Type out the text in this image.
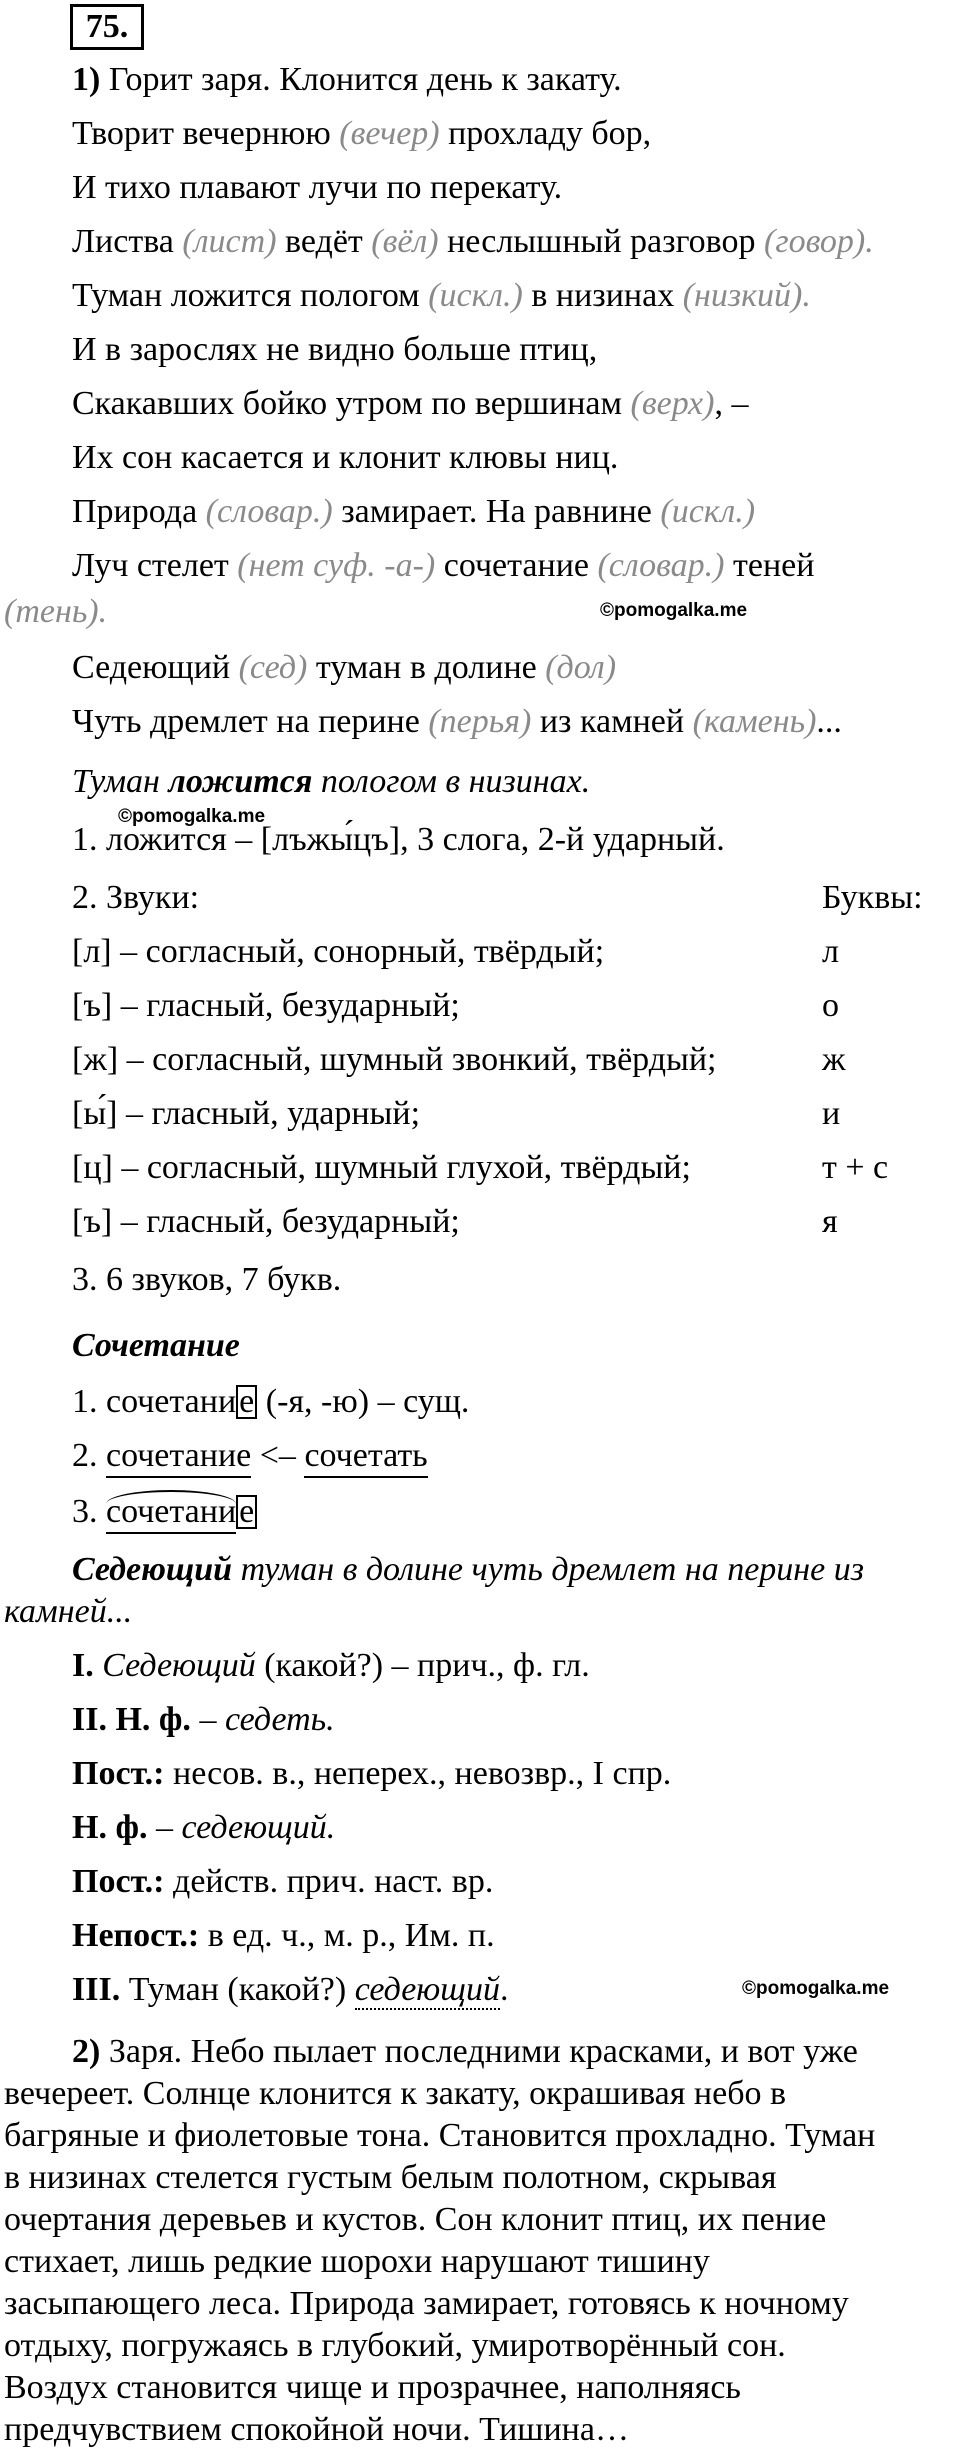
75.
1) Горит заря. Клонится день к закату.
Творит вечернюю (вечер) прохладу бор,
И тихо плавают лучи по перекату.
Листва (лист) ведёт (вёл) неслышный разговор (говор).
Туман ложится пологом (искл.) в низинах (низкий).
И в зарослях не видно больше птиц,
Скакавших бойко утром по вершинам (верх), –
Их сон касается и клонит клювы ниц.
Природа (словар.) замирает. На равнине (искл.)
Луч стелет (нет суф. -а-) сочетание (словар.) теней
(тень).	©pomogalka.me
Седеющий (сед) туман в долине (дол)
Чуть дремлет на перине (перья) из камней (камень)...
Туман ложится пологом в низинах.
©pomogalka.me
1. ложится – [лъжы́цъ], 3 слога, 2-й ударный.
2. Звуки:	Буквы:
[л] – согласный, сонорный, твёрдый;	л
[ъ] – гласный, безударный;	о
[ж] – согласный, шумный звонкий, твёрдый;	ж
[ы́] – гласный, ударный;	и
[ц] – согласный, шумный глухой, твёрдый;	т + с
[ъ] – гласный, безударный;	я
3. 6 звуков, 7 букв.
Сочетание
1. сочетание (-я, -ю) – сущ.
2. сочетание <– сочетать
3. сочетание
Седеющий туман в долине чуть дремлет на перине из
камней...
I. Седеющий (какой?) – прич., ф. гл.
II. Н. ф. – седеть.
Пост.: несов. в., неперех., невозвр., I спр.
Н. ф. – седеющий.
Пост.: действ. прич. наст. вр.
Непост.: в ед. ч., м. р., Им. п.
III. Туман (какой?) седеющий.	©pomogalka.me
2) Заря. Небо пылает последними красками, и вот уже
вечереет. Солнце клонится к закату, окрашивая небо в
багряные и фиолетовые тона. Становится прохладно. Туман
в низинах стелется густым белым полотном, скрывая
очертания деревьев и кустов. Сон клонит птиц, их пение
стихает, лишь редкие шорохи нарушают тишину
засыпающего леса. Природа замирает, готовясь к ночному
отдыху, погружаясь в глубокий, умиротворённый сон.
Воздух становится чище и прозрачнее, наполняясь
предчувствием спокойной ночи. Тишина…
